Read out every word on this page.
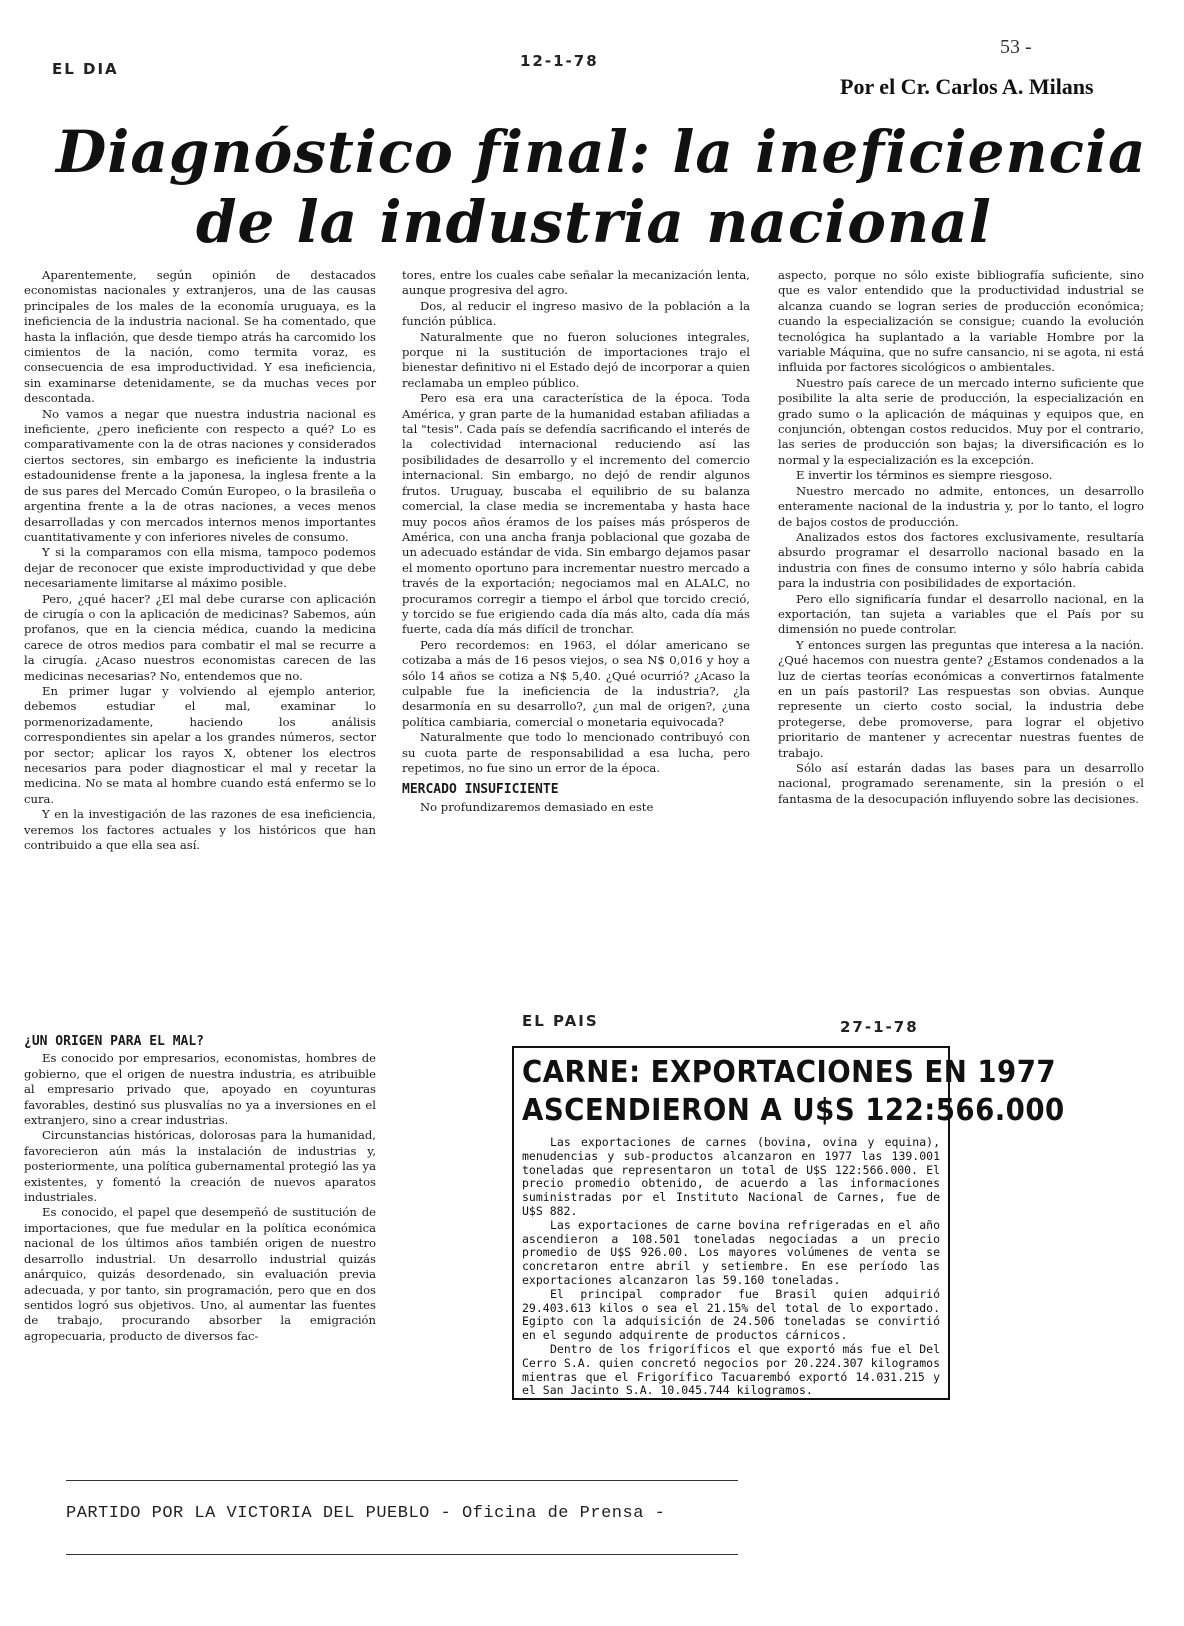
EL DIA	12-1-78
53 -
Por el Cr. Carlos A. Milans
Diagnóstico final: la ineficiencia
de la industria nacional

Aparentemente, según opinión de destacados economistas nacionales y extranjeros, una de las causas principales de los males de la economía uruguaya, es la ineficiencia de la industria nacional. Se ha comentado, que hasta la inflación, que desde tiempo atrás ha carcomido los cimientos de la nación, como termita voraz, es consecuencia de esa improductividad. Y esa ineficiencia, sin examinarse detenidamente, se da muchas veces por descontada.

No vamos a negar que nuestra industria nacional es ineficiente, ¿pero ineficiente con respecto a qué? Lo es comparativamente con la de otras naciones y considerados ciertos sectores, sin embargo es ineficiente la industria estadounidense frente a la japonesa, la inglesa frente a la de sus pares del Mercado Común Europeo, o la brasileña o argentina frente a la de otras naciones, a veces menos desarrolladas y con mercados internos menos importantes cuantitativamente y con inferiores niveles de consumo.

Y si la comparamos con ella misma, tampoco podemos dejar de reconocer que existe improductividad y que debe necesariamente limitarse al máximo posible.

Pero, ¿qué hacer? ¿El mal debe curarse con aplicación de cirugía o con la aplicación de medicinas? Sabemos, aún profanos, que en la ciencia médica, cuando la medicina carece de otros medios para combatir el mal se recurre a la cirugía. ¿Acaso nuestros economistas carecen de las medicinas necesarias? No, entendemos que no.

En primer lugar y volviendo al ejemplo anterior, debemos estudiar el mal, examinar lo pormenorizadamente, haciendo los análisis correspondientes sin apelar a los grandes números, sector por sector; aplicar los rayos X, obtener los electros necesarios para poder diagnosticar el mal y recetar la medicina. No se mata al hombre cuando está enfermo se lo cura.

Y en la investigación de las razones de esa ineficiencia, veremos los factores actuales y los históricos que han contribuido a que ella sea así.

¿UN ORIGEN PARA EL MAL?

Es conocido por empresarios, economistas, hombres de gobierno, que el origen de nuestra industria, es atribuible al empresario privado que, apoyado en coyunturas favorables, destinó sus plusvalías no ya a inversiones en el extranjero, sino a crear industrias.

Circunstancias históricas, dolorosas para la humanidad, favorecieron aún más la instalación de industrias y, posteriormente, una política gubernamental protegió las ya existentes, y fomentó la creación de nuevos aparatos industriales.

Es conocido, el papel que desempeñó de sustitución de importaciones, que fue medular en la política económica nacional de los últimos años también origen de nuestro desarrollo industrial. Un desarrollo industrial quizás anárquico, quizás desordenado, sin evaluación previa adecuada, y por tanto, sin programación, pero que en dos sentidos logró sus objetivos. Uno, al aumentar las fuentes de trabajo, procurando absorber la emigración agropecuaria, producto de diversos fac-

tores, entre los cuales cabe señalar la mecanización lenta, aunque progresiva del agro.

Dos, al reducir el ingreso masivo de la población a la función pública.

Naturalmente que no fueron soluciones integrales, porque ni la sustitución de importaciones trajo el bienestar definitivo ni el Estado dejó de incorporar a quien reclamaba un empleo público.

Pero esa era una característica de la época. Toda América, y gran parte de la humanidad estaban afiliadas a tal "tesis". Cada país se defendía sacrificando el interés de la colectividad internacional reduciendo así las posibilidades de desarrollo y el incremento del comercio internacional. Sin embargo, no dejó de rendir algunos frutos. Uruguay, buscaba el equilibrio de su balanza comercial, la clase media se incrementaba y hasta hace muy pocos años éramos de los países más prósperos de América, con una ancha franja poblacional que gozaba de un adecuado estándar de vida. Sin embargo dejamos pasar el momento oportuno para incrementar nuestro mercado a través de la exportación; negociamos mal en ALALC, no procuramos corregir a tiempo el árbol que torcido creció, y torcido se fue erigiendo cada día más alto, cada día más fuerte, cada día más difícil de tronchar.

Pero recordemos: en 1963, el dólar americano se cotizaba a más de 16 pesos viejos, o sea N$ 0,016 y hoy a sólo 14 años se cotiza a N$ 5,40. ¿Qué ocurrió? ¿Acaso la culpable fue la ineficiencia de la industria?, ¿la desarmonía en su desarrollo?, ¿un mal de origen?, ¿una política cambiaria, comercial o monetaria equivocada?

Naturalmente que todo lo mencionado contribuyó con su cuota parte de responsabilidad a esa lucha, pero repetimos, no fue sino un error de la época.

MERCADO INSUFICIENTE

No profundizaremos demasiado en este

aspecto, porque no sólo existe bibliografía suficiente, sino que es valor entendido que la productividad industrial se alcanza cuando se logran series de producción económica; cuando la especialización se consigue; cuando la evolución tecnológica ha suplantado a la variable Hombre por la variable Máquina, que no sufre cansancio, ni se agota, ni está influida por factores sicológicos o ambientales.

Nuestro país carece de un mercado interno suficiente que posibilite la alta serie de producción, la especialización en grado sumo o la aplicación de máquinas y equipos que, en conjunción, obtengan costos reducidos. Muy por el contrario, las series de producción son bajas; la diversificación es lo normal y la especialización es la excepción.

E invertir los términos es siempre riesgoso.

Nuestro mercado no admite, entonces, un desarrollo enteramente nacional de la industria y, por lo tanto, el logro de bajos costos de producción.

Analizados estos dos factores exclusivamente, resultaría absurdo programar el desarrollo nacional basado en la industria con fines de consumo interno y sólo habría cabida para la industria con posibilidades de exportación.

Pero ello significaría fundar el desarrollo nacional, en la exportación, tan sujeta a variables que el País por su dimensión no puede controlar.

Y entonces surgen las preguntas que interesa a la nación. ¿Qué hacemos con nuestra gente? ¿Estamos condenados a la luz de ciertas teorías económicas a convertirnos fatalmente en un país pastoril? Las respuestas son obvias. Aunque represente un cierto costo social, la industria debe protegerse, debe promoverse, para lograr el objetivo prioritario de mantener y acrecentar nuestras fuentes de trabajo.

Sólo así estarán dadas las bases para un desarrollo nacional, programado serenamente, sin la presión o el fantasma de la desocupación influyendo sobre las decisiones.

EL PAIS	27-1-78
CARNE: EXPORTACIONES EN 1977
ASCENDIERON A U$S 122:566.000

Las exportaciones de carnes (bovina, ovina y equina), menudencias y sub-productos alcanzaron en 1977 las 139.001 toneladas que representaron un total de U$S 122:566.000. El precio promedio obtenido, de acuerdo a las informaciones suministradas por el Instituto Nacional de Carnes, fue de U$S 882.

Las exportaciones de carne bovina refrigeradas en el año ascendieron a 108.501 toneladas negociadas a un precio promedio de U$S 926.00. Los mayores volúmenes de venta se concretaron entre abril y setiembre. En ese período las exportaciones alcanzaron las 59.160 toneladas.

El principal comprador fue Brasil quien adquirió 29.403.613 kilos o sea el 21.15% del total de lo exportado. Egipto con la adquisición de 24.506 toneladas se convirtió en el segundo adquirente de productos cárnicos.

Dentro de los frigoríficos el que exportó más fue el Del Cerro S.A. quien concretó negocios por 20.224.307 kilogramos mientras que el Frigorífico Tacuarembó exportó 14.031.215 y el San Jacinto S.A. 10.045.744 kilogramos.

PARTIDO POR LA VICTORIA DEL PUEBLO - Oficina de Prensa -
